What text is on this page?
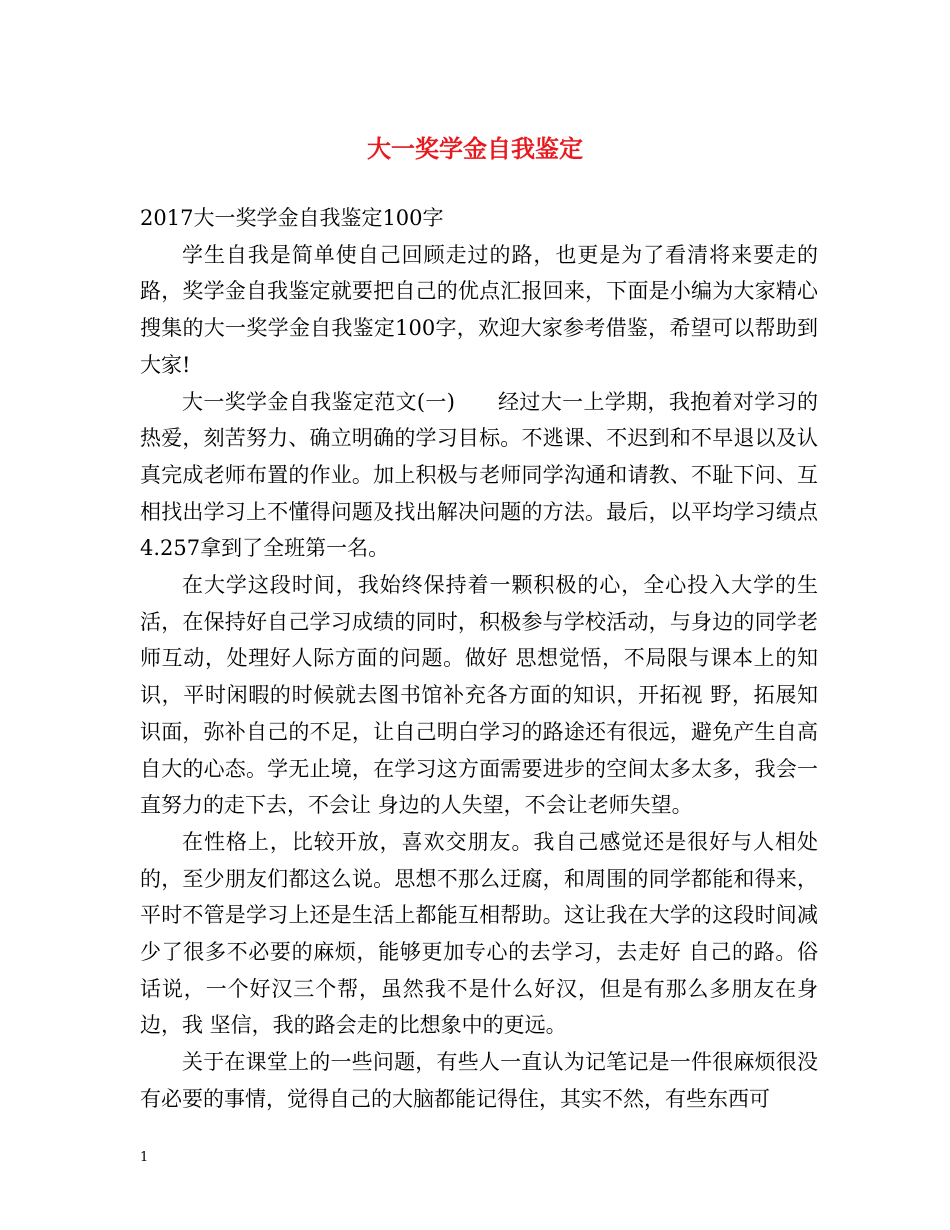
大一奖学金自我鉴定

2017大一奖学金自我鉴定100字

学生自我是简单使自己回顾走过的路，也更是为了看清将来要走的路，奖学金自我鉴定就要把自己的优点汇报回来，下面是小编为大家精心搜集的大一奖学金自我鉴定100字，欢迎大家参考借鉴，希望可以帮助到大家!

大一奖学金自我鉴定范文(一)　　经过大一上学期，我抱着对学习的热爱，刻苦努力、确立明确的学习目标。不逃课、不迟到和不早退以及认真完成老师布置的作业。加上积极与老师同学沟通和请教、不耻下问、互相找出学习上不懂得问题及找出解决问题的方法。最后，以平均学习绩点4.257拿到了全班第一名。

在大学这段时间，我始终保持着一颗积极的心，全心投入大学的生活，在保持好自己学习成绩的同时，积极参与学校活动，与身边的同学老师互动，处理好人际方面的问题。做好 思想觉悟，不局限与课本上的知识，平时闲暇的时候就去图书馆补充各方面的知识，开拓视 野，拓展知识面，弥补自己的不足，让自己明白学习的路途还有很远，避免产生自高自大的心态。学无止境，在学习这方面需要进步的空间太多太多，我会一直努力的走下去，不会让 身边的人失望，不会让老师失望。

在性格上，比较开放，喜欢交朋友。我自己感觉还是很好与人相处的，至少朋友们都这么说。思想不那么迂腐，和周围的同学都能和得来，平时不管是学习上还是生活上都能互相帮助。这让我在大学的这段时间减少了很多不必要的麻烦，能够更加专心的去学习，去走好 自己的路。俗话说，一个好汉三个帮，虽然我不是什么好汉，但是有那么多朋友在身边，我 坚信，我的路会走的比想象中的更远。

关于在课堂上的一些问题，有些人一直认为记笔记是一件很麻烦很没有必要的事情，觉得自己的大脑都能记得住，其实不然，有些东西可

1
